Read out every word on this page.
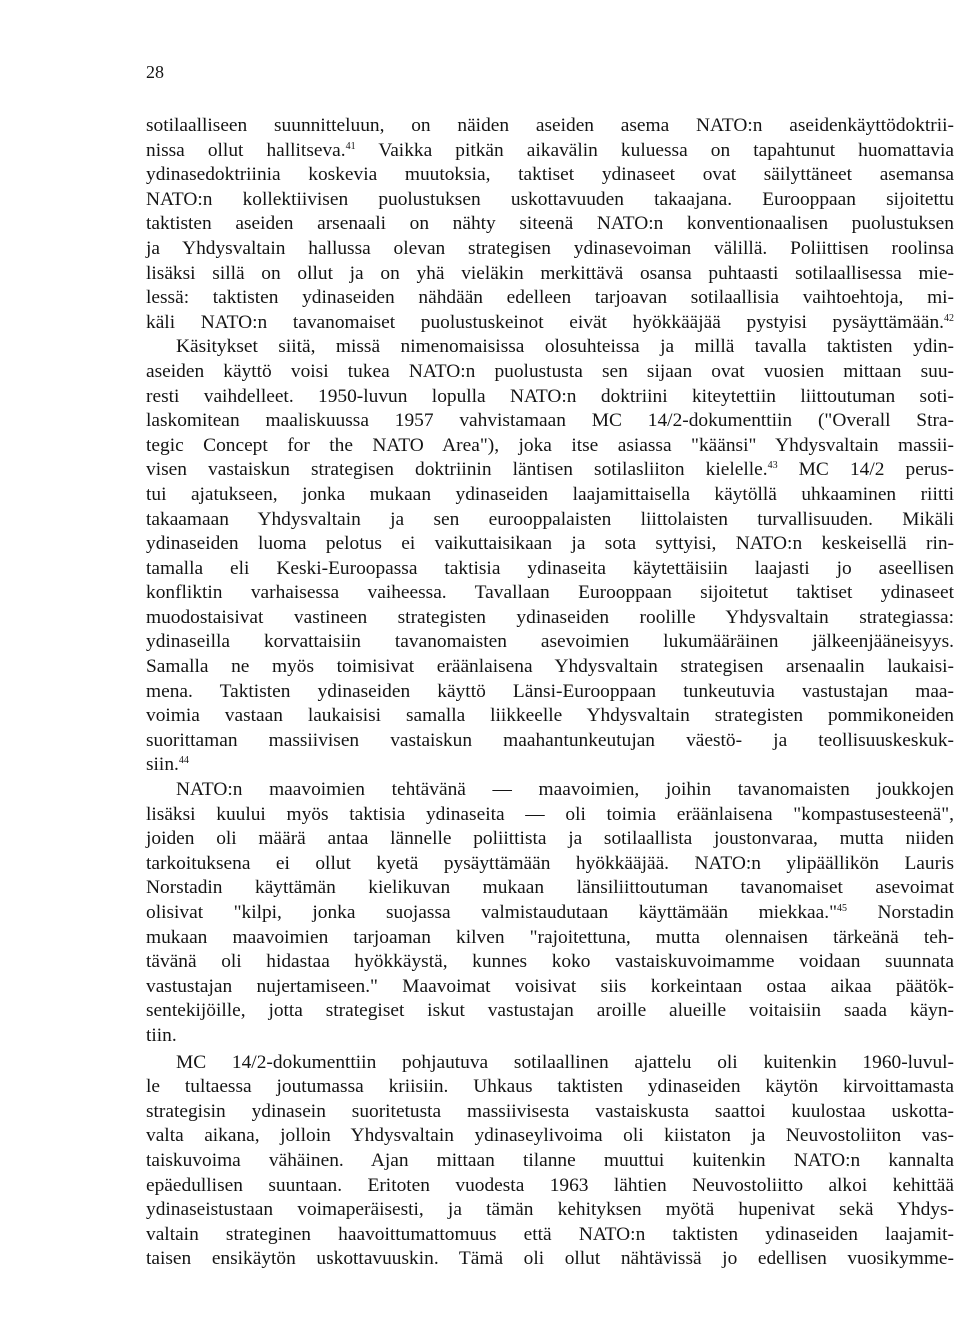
28
sotilaalliseen suunnitteluun, on näiden aseiden asema NATO:n aseidenkäyttödoktrii-
nissa ollut hallitseva.$^{41}$ Vaikka pitkän aikavälin kuluessa on tapahtunut huomattavia
ydinasedoktriinia koskevia muutoksia, taktiset ydinaseet ovat säilyttäneet asemansa
NATO:n kollektiivisen puolustuksen uskottavuuden takaajana. Eurooppaan sijoitettu
taktisten aseiden arsenaali on nähty siteenä NATO:n konventionaalisen puolustuksen
ja Yhdysvaltain hallussa olevan strategisen ydinasevoiman välillä. Poliittisen roolinsa
lisäksi sillä on ollut ja on yhä vieläkin merkittävä osansa puhtaasti sotilaallisessa mie-
lessä: taktisten ydinaseiden nähdään edelleen tarjoavan sotilaallisia vaihtoehtoja, mi-
käli NATO:n tavanomaiset puolustuskeinot eivät hyökkääjää pystyisi pysäyttämään.$^{42}$
Käsitykset siitä, missä nimenomaisissa olosuhteissa ja millä tavalla taktisten ydin-
aseiden käyttö voisi tukea NATO:n puolustusta sen sijaan ovat vuosien mittaan suu-
resti vaihdelleet. 1950-luvun lopulla NATO:n doktriini kiteytettiin liittoutuman soti-
laskomitean maaliskuussa 1957 vahvistamaan MC 14/2-dokumenttiin ("Overall Stra-
tegic Concept for the NATO Area"), joka itse asiassa "käänsi" Yhdysvaltain massii-
visen vastaiskun strategisen doktriinin läntisen sotilasliiton kielelle.$^{43}$ MC 14/2 perus-
tui ajatukseen, jonka mukaan ydinaseiden laajamittaisella käytöllä uhkaaminen riitti
takaamaan Yhdysvaltain ja sen eurooppalaisten liittolaisten turvallisuuden. Mikäli
ydinaseiden luoma pelotus ei vaikuttaisikaan ja sota syttyisi, NATO:n keskeisellä rin-
tamalla eli Keski-Euroopassa taktisia ydinaseita käytettäisiin laajasti jo aseellisen
konfliktin varhaisessa vaiheessa. Tavallaan Eurooppaan sijoitetut taktiset ydinaseet
muodostaisivat vastineen strategisten ydinaseiden roolille Yhdysvaltain strategiassa:
ydinaseilla korvattaisiin tavanomaisten asevoimien lukumääräinen jälkeenjääneisyys.
Samalla ne myös toimisivat eräänlaisena Yhdysvaltain strategisen arsenaalin laukaisi-
mena. Taktisten ydinaseiden käyttö Länsi-Eurooppaan tunkeutuvia vastustajan maa-
voimia vastaan laukaisisi samalla liikkeelle Yhdysvaltain strategisten pommikoneiden
suorittaman massiivisen vastaiskun maahantunkeutujan väestö- ja teollisuuskeskuk-
siin.$^{44}$
NATO:n maavoimien tehtävänä — maavoimien, joihin tavanomaisten joukkojen
lisäksi kuului myös taktisia ydinaseita — oli toimia eräänlaisena "kompastusesteenä",
joiden oli määrä antaa lännelle poliittista ja sotilaallista joustonvaraa, mutta niiden
tarkoituksena ei ollut kyetä pysäyttämään hyökkääjää. NATO:n ylipäällikön Lauris
Norstadin käyttämän kielikuvan mukaan länsiliittoutuman tavanomaiset asevoimat
olisivat "kilpi, jonka suojassa valmistaudutaan käyttämään miekkaa."$^{45}$ Norstadin
mukaan maavoimien tarjoaman kilven "rajoitettuna, mutta olennaisen tärkeänä teh-
tävänä oli hidastaa hyökkäystä, kunnes koko vastaiskuvoimamme voidaan suunnata
vastustajan nujertamiseen." Maavoimat voisivat siis korkeintaan ostaa aikaa päätök-
sentekijöille, jotta strategiset iskut vastustajan aroille alueille voitaisiin saada käyn-
tiin.
MC 14/2-dokumenttiin pohjautuva sotilaallinen ajattelu oli kuitenkin 1960-luvul-
le tultaessa joutumassa kriisiin. Uhkaus taktisten ydinaseiden käytön kirvoittamasta
strategisin ydinasein suoritetusta massiivisesta vastaiskusta saattoi kuulostaa uskotta-
valta aikana, jolloin Yhdysvaltain ydinaseylivoima oli kiistaton ja Neuvostoliiton vas-
taiskuvoima vähäinen. Ajan mittaan tilanne muuttui kuitenkin NATO:n kannalta
epäedullisen suuntaan. Eritoten vuodesta 1963 lähtien Neuvostoliitto alkoi kehittää
ydinaseistustaan voimaperäisesti, ja tämän kehityksen myötä hupenivat sekä Yhdys-
valtain strateginen haavoittumattomuus että NATO:n taktisten ydinaseiden laajamit-
taisen ensikäytön uskottavuuskin. Tämä oli ollut nähtävissä jo edellisen vuosikymme-
